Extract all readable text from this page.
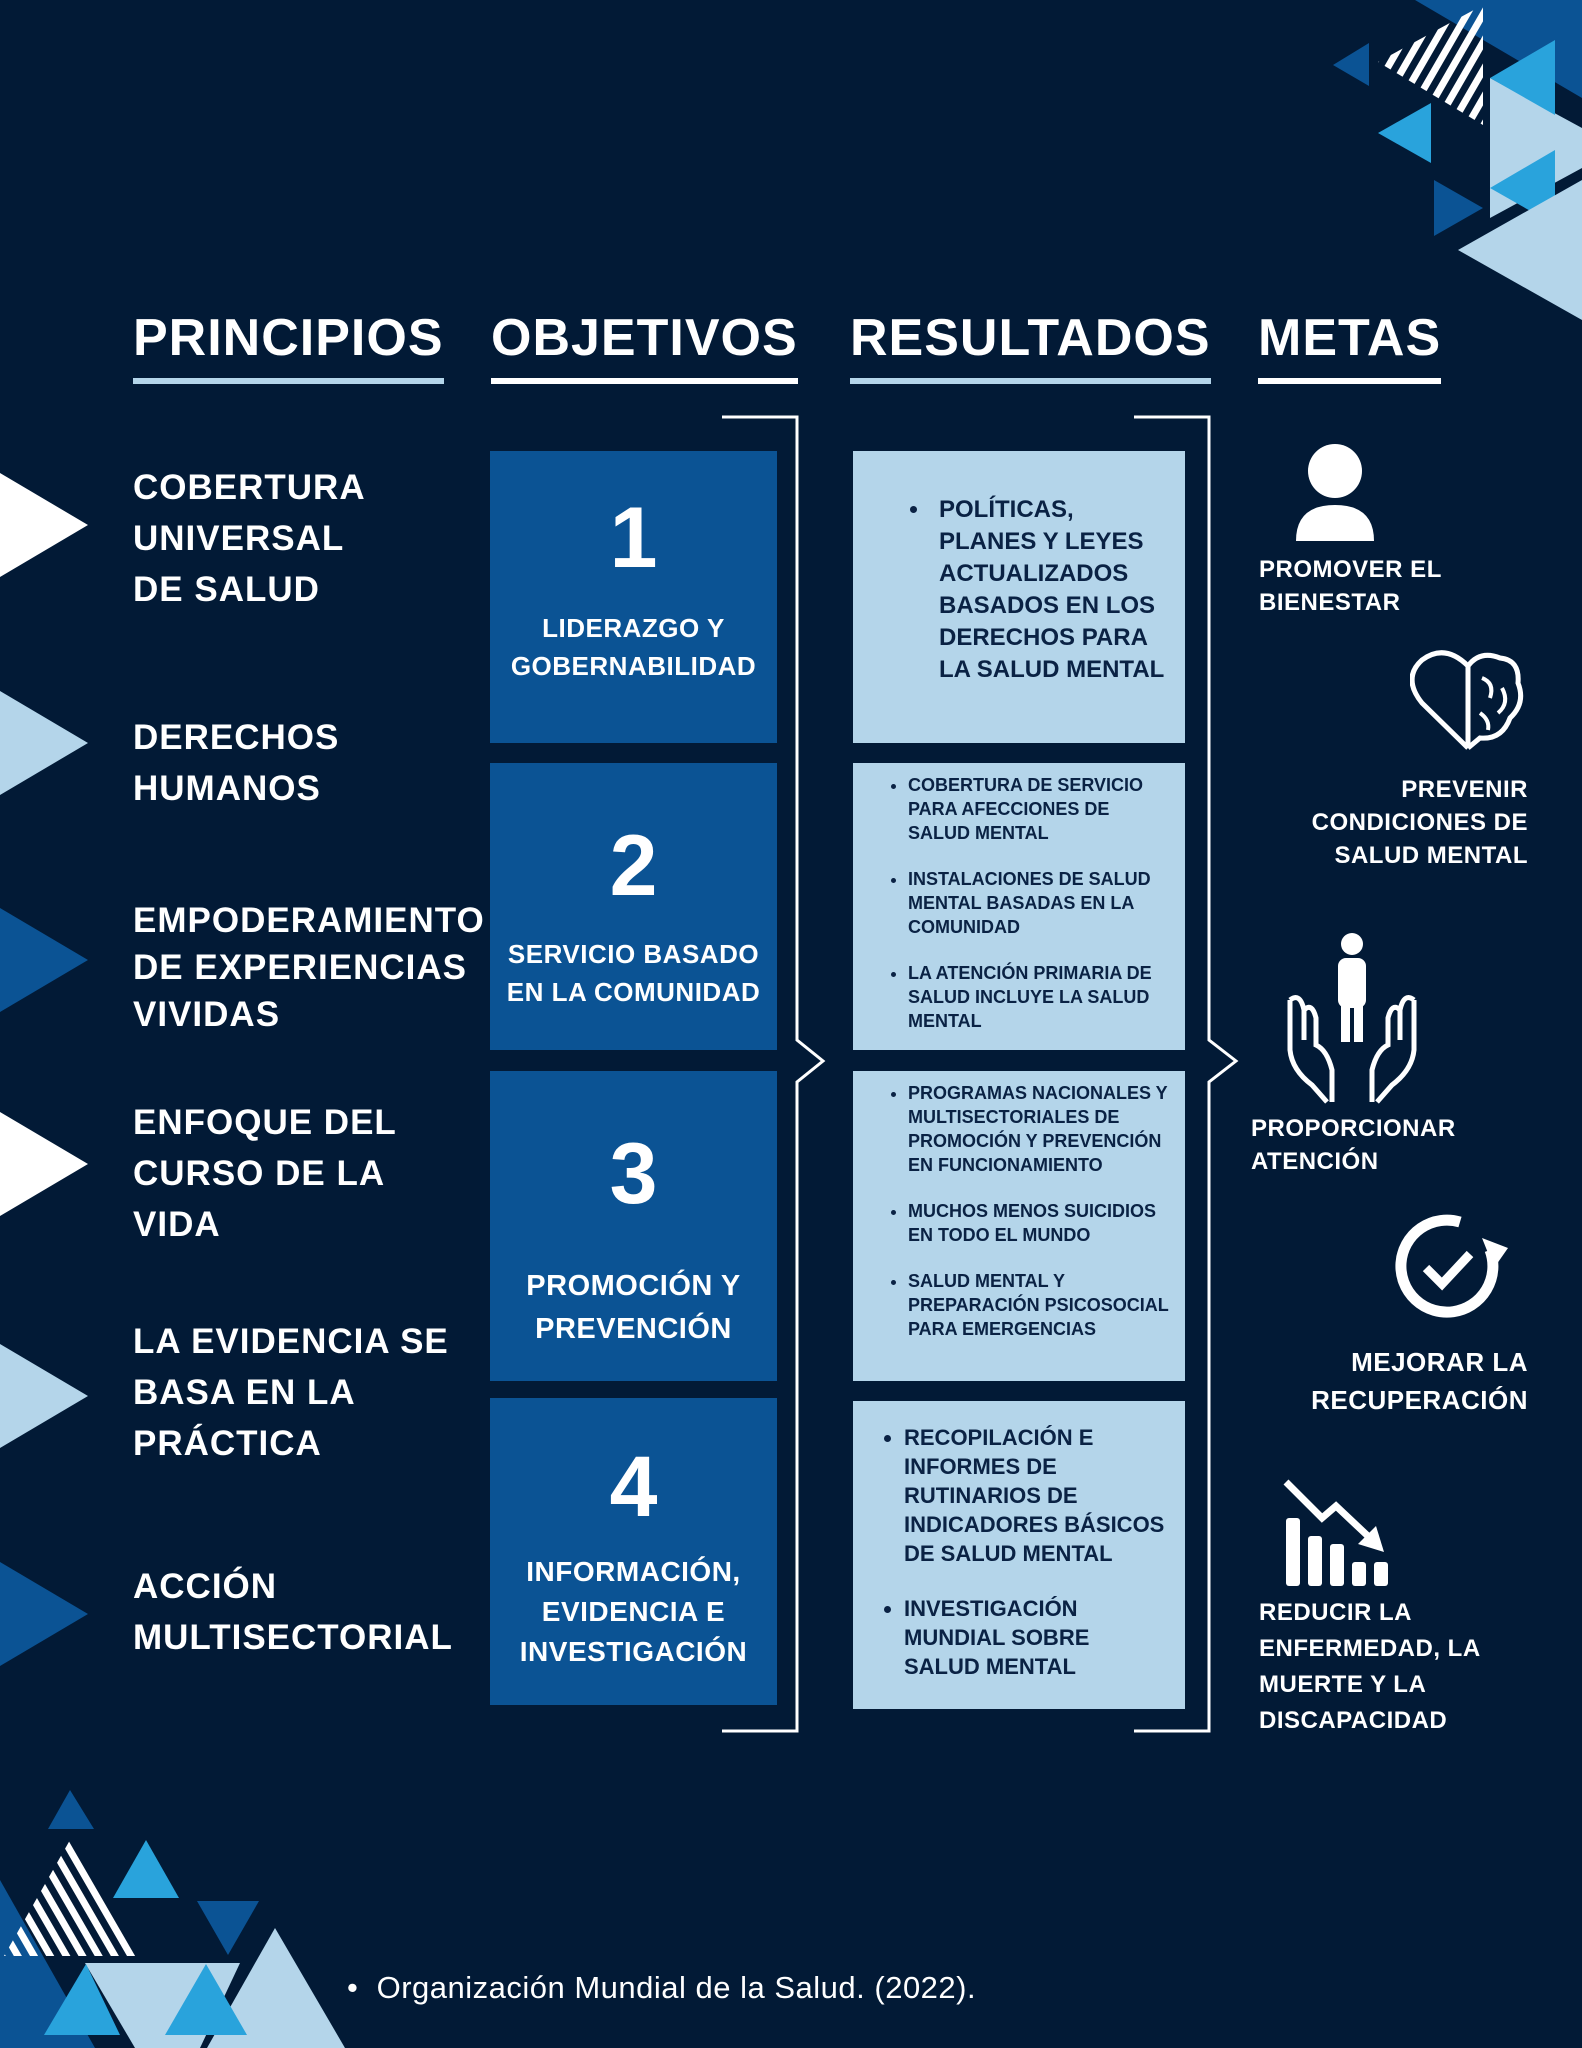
PRINCIPIOS OBJETIVOS RESULTADOS METAS
COBERTURA
UNIVERSAL
DE SALUD
DERECHOS
HUMANOS
EMPODERAMIENTO
DE EXPERIENCIAS
VIVIDAS
ENFOQUE DEL
CURSO DE LA
VIDA
LA EVIDENCIA SE
BASA EN LA
PRÁCTICA
ACCIÓN
MULTISECTORIAL
1
LIDERAZGO Y
GOBERNABILIDAD
2
SERVICIO BASADO
EN LA COMUNIDAD
3
PROMOCIÓN Y
PREVENCIÓN
4
INFORMACIÓN,
EVIDENCIA E
INVESTIGACIÓN
• POLÍTICAS, PLANES Y LEYES ACTUALIZADOS BASADOS EN LOS DERECHOS PARA LA SALUD MENTAL
• COBERTURA DE SERVICIO PARA AFECCIONES DE SALUD MENTAL
• INSTALACIONES DE SALUD MENTAL BASADAS EN LA COMUNIDAD
• LA ATENCIÓN PRIMARIA DE SALUD INCLUYE LA SALUD MENTAL
• PROGRAMAS NACIONALES Y MULTISECTORIALES DE PROMOCIÓN Y PREVENCIÓN EN FUNCIONAMIENTO
• MUCHOS MENOS SUICIDIOS EN TODO EL MUNDO
• SALUD MENTAL Y PREPARACIÓN PSICOSOCIAL PARA EMERGENCIAS
• RECOPILACIÓN E INFORMES DE RUTINARIOS DE INDICADORES BÁSICOS DE SALUD MENTAL
• INVESTIGACIÓN MUNDIAL SOBRE SALUD MENTAL
PROMOVER EL
BIENESTAR
PREVENIR
CONDICIONES DE
SALUD MENTAL
PROPORCIONAR
ATENCIÓN
MEJORAR LA
RECUPERACIÓN
REDUCIR LA
ENFERMEDAD, LA
MUERTE Y LA
DISCAPACIDAD
•  Organización Mundial de la Salud. (2022).
